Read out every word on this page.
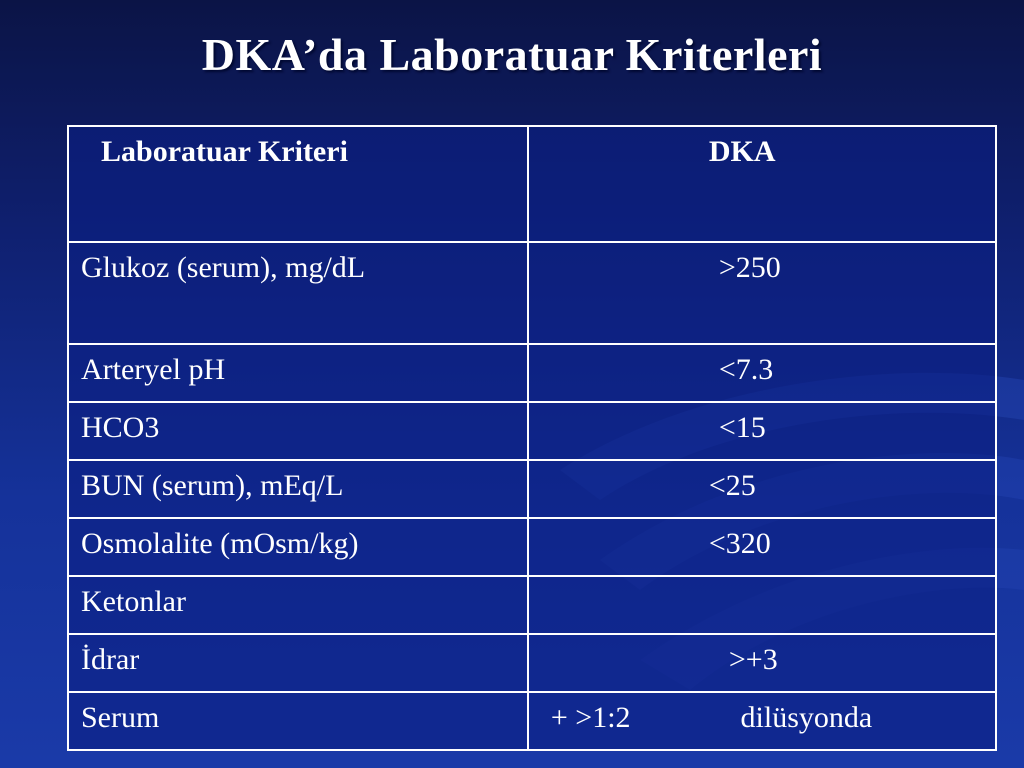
DKA’da Laboratuar Kriterleri
Laboratuar Kriteri	DKA
Glukoz (serum), mg/dL	>250
Arteryel pH	<7.3
HCO3	<15
BUN (serum), mEq/L	<25
Osmolalite (mOsm/kg)	<320
Ketonlar	
İdrar	>+3
Serum	+ >1:2 dilüsyonda
